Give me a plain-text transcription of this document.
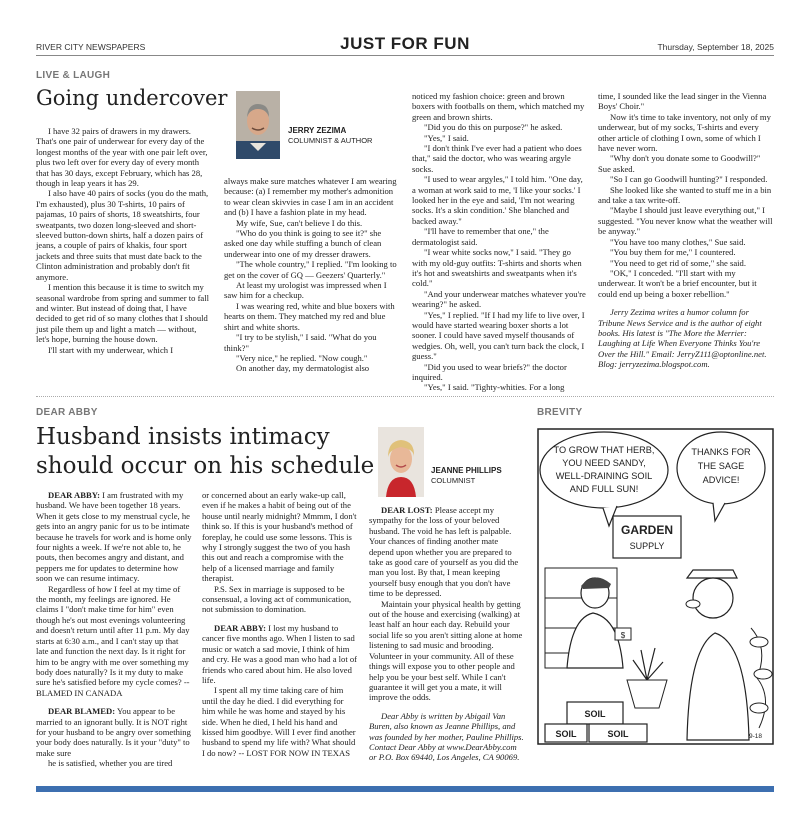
RIVER CITY NEWSPAPERS	JUST FOR FUN	Thursday, September 18, 2025
LIVE & LAUGH
Going undercover
JERRY ZEZIMA
COLUMNIST & AUTHOR

I have 32 pairs of drawers in my drawers. That's one pair of underwear for every day of the longest months of the year with one pair left over, plus two left over for every day of every month that has 30 days, except February, which has 28, though in leap years it has 29.

I also have 40 pairs of socks (you do the math, I'm exhausted), plus 30 T-shirts, 10 pairs of pajamas, 10 pairs of shorts, 18 sweatshirts, four sweatpants, two dozen long-sleeved and short-sleeved button-down shirts, half a dozen pairs of jeans, a couple of pairs of khakis, four sport jackets and three suits that must date back to the Clinton administration and probably don't fit anymore.

I mention this because it is time to switch my seasonal wardrobe from spring and summer to fall and winter. But instead of doing that, I have decided to get rid of so many clothes that I should just pile them up and light a match — without, let's hope, burning the house down.

I'll start with my underwear, which I

always make sure matches whatever I am wearing because: (a) I remember my mother's admonition to wear clean skivvies in case I am in an accident and (b) I have a fashion plate in my head.

My wife, Sue, can't believe I do this.

"Who do you think is going to see it?" she asked one day while stuffing a bunch of clean underwear into one of my dresser drawers.

"The whole country," I replied. "I'm looking to get on the cover of GQ — Geezers' Quarterly."

At least my urologist was impressed when I saw him for a checkup.

I was wearing red, white and blue boxers with hearts on them. They matched my red and blue shirt and white shorts.

"I try to be stylish," I said. "What do you think?"

"Very nice," he replied. "Now cough."

On another day, my dermatologist also

noticed my fashion choice: green and brown boxers with footballs on them, which matched my green and brown shirts.

"Did you do this on purpose?" he asked.

"Yes," I said.

"I don't think I've ever had a patient who does that," said the doctor, who was wearing argyle socks.

"I used to wear argyles," I told him. "One day, a woman at work said to me, 'I like your socks.' I looked her in the eye and said, 'I'm not wearing socks. It's a skin condition.' She blanched and backed away."

"I'll have to remember that one," the dermatologist said.

"I wear white socks now," I said. "They go with my old-guy outfits: T-shirts and shorts when it's hot and sweatshirts and sweatpants when it's cold."

"And your underwear matches whatever you're wearing?" he asked.

"Yes," I replied. "If I had my life to live over, I would have started wearing boxer shorts a lot sooner. I could have saved myself thousands of wedgies. Oh, well, you can't turn back the clock, I guess."

"Did you used to wear briefs?" the doctor inquired.

"Yes," I said. "Tighty-whities. For a long

time, I sounded like the lead singer in the Vienna Boys' Choir."

Now it's time to take inventory, not only of my underwear, but of my socks, T-shirts and every other article of clothing I own, some of which I have never worn.

"Why don't you donate some to Goodwill?" Sue asked.

"So I can go Goodwill hunting?" I responded.

She looked like she wanted to stuff me in a bin and take a tax write-off.

"Maybe I should just leave everything out," I suggested. "You never know what the weather will be anyway."

"You have too many clothes," Sue said.

"You buy them for me," I countered.

"You need to get rid of some," she said.

"OK," I conceded. "I'll start with my underwear. It won't be a brief encounter, but it could end up being a boxer rebellion."

Jerry Zezima writes a humor column for Tribune News Service and is the author of eight books. His latest is "The More the Merrier: Laughing at Life When Everyone Thinks You're Over the Hill." Email: JerryZ111@optonline.net. Blog: jerryzezima.blogspot.com.

DEAR ABBY
Husband insists intimacy
should occur on his schedule	JEANNE PHILLIPS
COLUMNIST

DEAR ABBY: I am frustrated with my husband. We have been together 18 years. When it gets close to my menstrual cycle, he gets into an angry panic for us to be intimate because he travels for work and is home only four nights a week. If we're not able to, he pouts, then becomes angry and distant, and peppers me for updates to determine how soon we can resume intimacy.

Regardless of how I feel at my time of the month, my feelings are ignored. He claims I "don't make time for him" even though he's out most evenings volunteering and doesn't return until after 11 p.m. My day starts at 6:30 a.m., and I can't stay up that late and function the next day. Is it right for him to be angry with me over something my body does naturally? Is it my duty to make sure he's satisfied before my cycle comes? -- BLAMED IN CANADA

DEAR BLAMED: You appear to be married to an ignorant bully. It is NOT right for your husband to be angry over something your body does naturally. Is it your "duty" to make sure

he is satisfied, whether you are tired

or concerned about an early wake-up call, even if he makes a habit of being out of the house until nearly midnight? Mmmm, I don't think so. If this is your husband's method of foreplay, he could use some lessons. This is why I strongly suggest the two of you hash this out and reach a compromise with the help of a licensed marriage and family therapist.

P.S. Sex in marriage is supposed to be consensual, a loving act of communication, not submission to domination.

DEAR ABBY: I lost my husband to cancer five months ago. When I listen to sad music or watch a sad movie, I think of him and cry. He was a good man who had a lot of friends who cared about him. He also loved life.

I spent all my time taking care of him until the day he died. I did everything for him while he was home and stayed by his side. When he died, I held his hand and kissed him goodbye. Will I ever find another husband to spend my life with? What should I do now? -- LOST FOR NOW IN TEXAS

DEAR LOST: Please accept my sympathy for the loss of your beloved husband. The void he has left is palpable. Your chances of finding another mate depend upon whether you are prepared to take as good care of yourself as you did the man you lost. By that, I mean keeping yourself busy enough that you don't have time to be depressed.

Maintain your physical health by getting out of the house and exercising (walking) at least half an hour each day. Rebuild your social life so you aren't sitting alone at home listening to sad music and brooding. Volunteer in your community. All of these things will expose you to other people and help you be your best self. While I can't guarantee it will get you a mate, it will improve the odds.

Dear Abby is written by Abigail Van Buren, also known as Jeanne Phillips, and was founded by her mother, Pauline Phillips. Contact Dear Abby at www.DearAbby.com or P.O. Box 69440, Los Angeles, CA 90069.

BREVITY
TO GROW THAT HERB,
YOU NEED SANDY,
WELL-DRAINING SOIL
AND FULL SUN!
THANKS FOR
THE SAGE
ADVICE!
GARDEN
SUPPLY
$
SOIL
SOIL
SOIL	9-18
